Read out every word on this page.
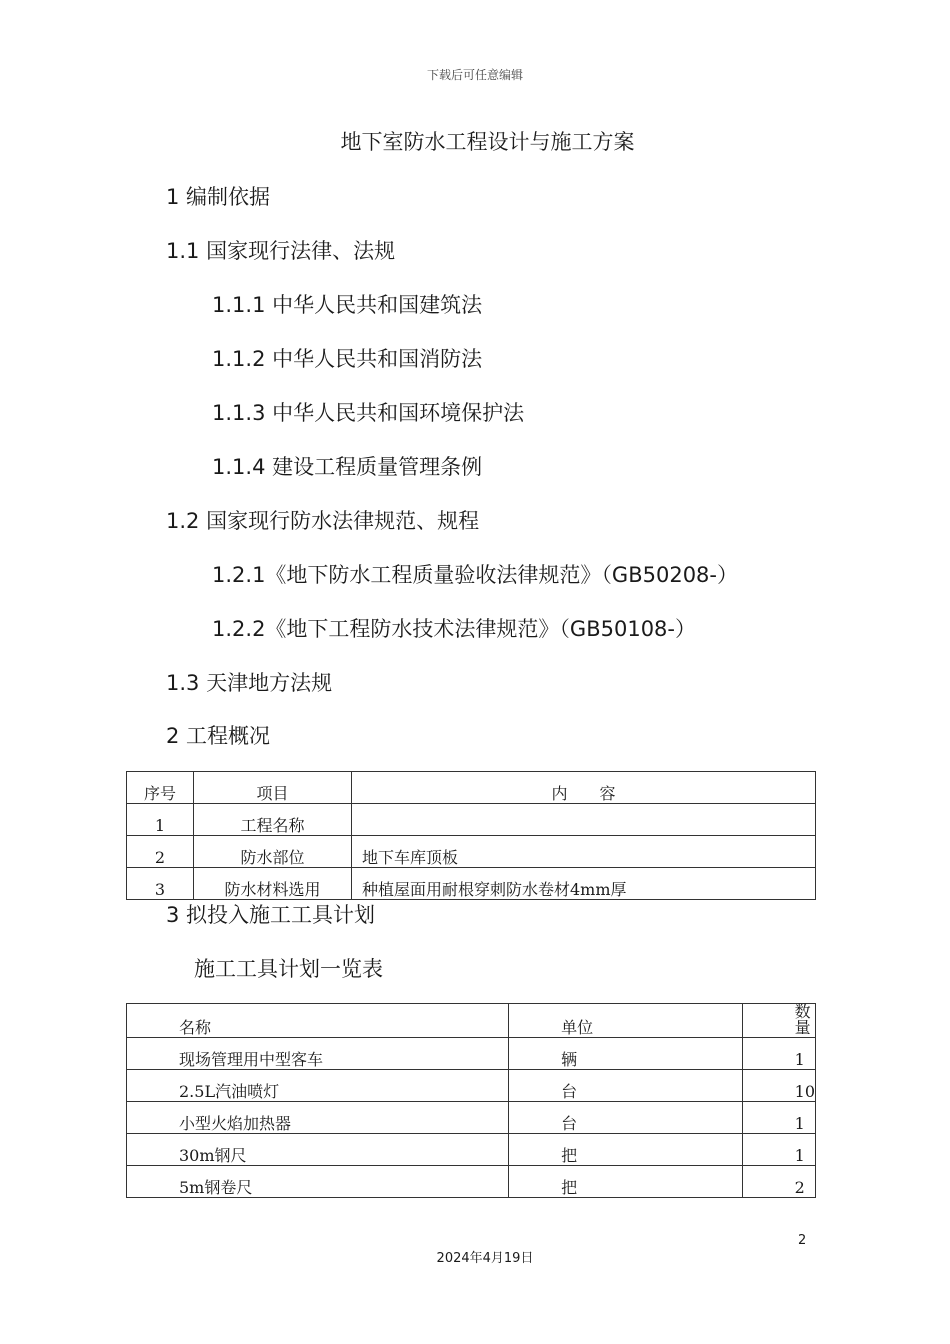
下载后可任意编辑
地下室防水工程设计与施工方案
1 编制依据
1.1 国家现行法律、法规
1.1.1 中华人民共和国建筑法
1.1.2 中华人民共和国消防法
1.1.3 中华人民共和国环境保护法
1.1.4 建设工程质量管理条例
1.2 国家现行防水法律规范、规程
1.2.1《地下防水工程质量验收法律规范》（GB50208-）
1.2.2《地下工程防水技术法律规范》（GB50108-）
1.3 天津地方法规
2 工程概况
序号	项目	内　　容
1	工程名称	
2	防水部位	地下车库顶板
3	防水材料选用	种植屋面用耐根穿刺防水卷材4mm厚
3 拟投入施工工具计划
施工工具计划一览表
名称	单位	数量
现场管理用中型客车	辆	1
2.5L汽油喷灯	台	10
小型火焰加热器	台	1
30m钢尺	把	1
5m钢卷尺	把	2
2
2024年4月19日
